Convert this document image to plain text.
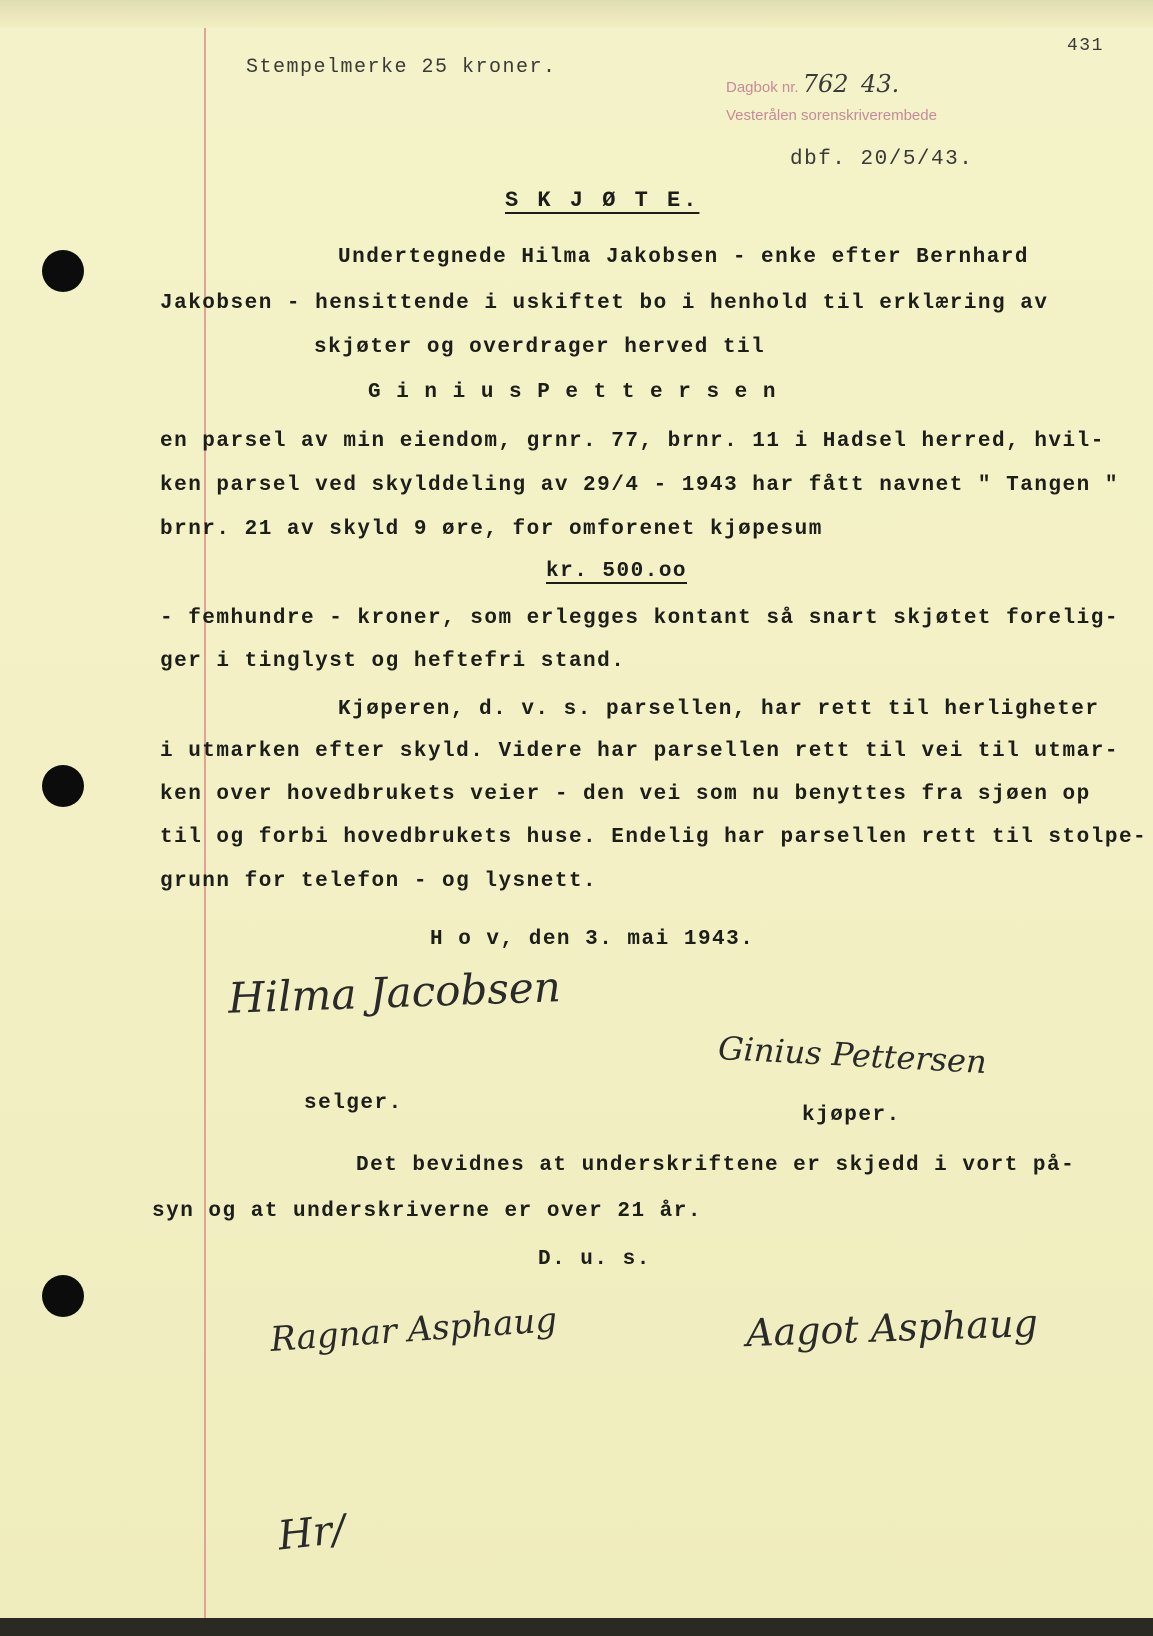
431
Stempelmerke 25 kroner.
Dagbok nr. 762 43.
Vesterålen sorenskriverembede
dbf. 20/5/43.
S K J Ø T E.
Undertegnede Hilma Jakobsen - enke efter Bernhard
Jakobsen - hensittende i uskiftet bo i henhold til erklæring av
skjøter og overdrager herved til
G i n i u s P e t t e r s e n
en parsel av min eiendom, grnr. 77, brnr. 11 i Hadsel herred, hvil-
ken parsel ved skylddeling av 29/4 - 1943 har fått navnet " Tangen "
brnr. 21 av skyld 9 øre, for omforenet kjøpesum
kr. 500.oo
- femhundre - kroner, som erlegges kontant så snart skjøtet forelig-
ger i tinglyst og heftefri stand.
Kjøperen, d. v. s. parsellen, har rett til herligheter
i utmarken efter skyld. Videre har parsellen rett til vei til utmar-
ken over hovedbrukets veier - den vei som nu benyttes fra sjøen op
til og forbi hovedbrukets huse. Endelig har parsellen rett til stolpe-
grunn for telefon - og lysnett.
H o v, den 3. mai 1943.
Hilma Jacobsen
Ginius Pettersen
selger.
kjøper.
Det bevidnes at underskriftene er skjedd i vort på-
syn og at underskriverne er over 21 år.
D. u. s.
Ragnar Asphaug	Aagot Asphaug
Hr/
